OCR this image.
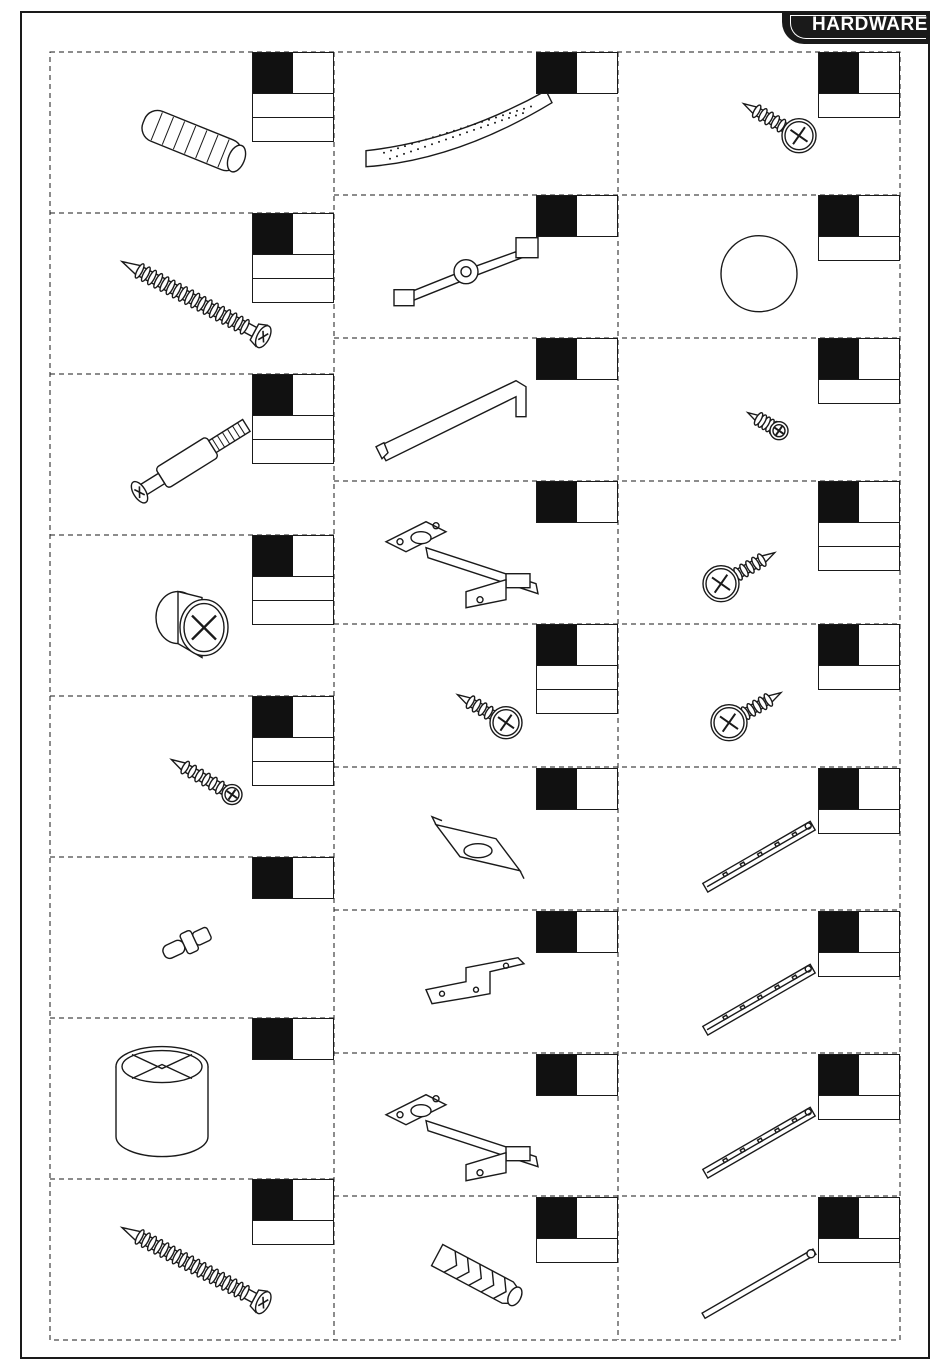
HARDWARE
